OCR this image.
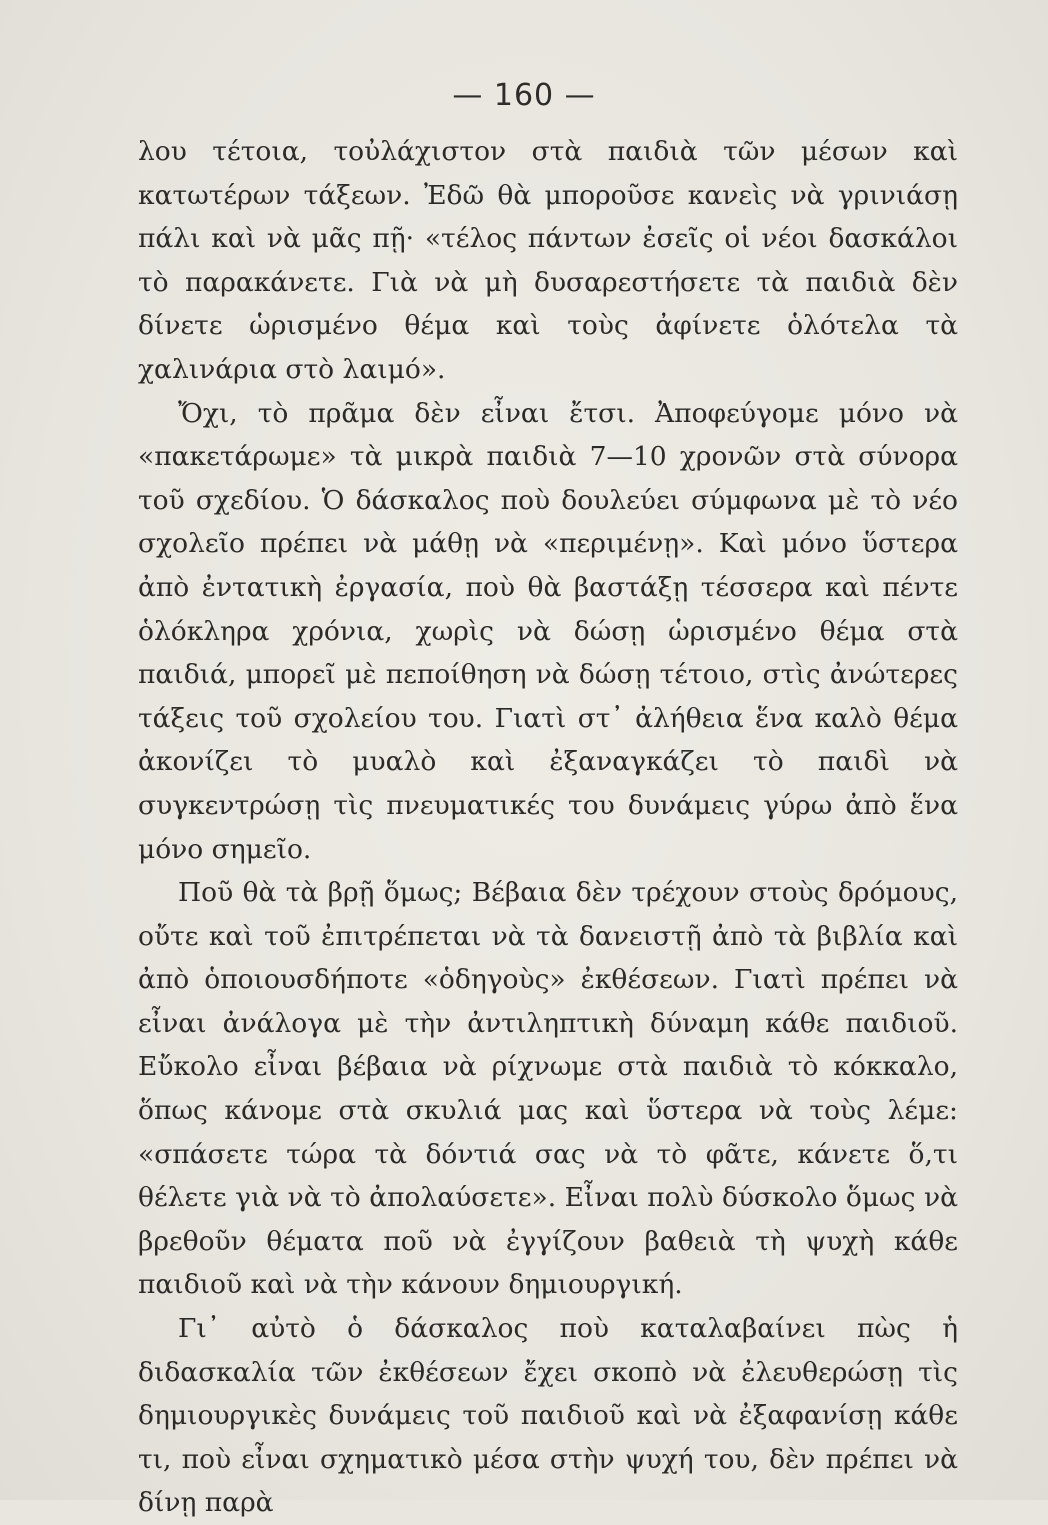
— 160 —

λου τέτοια, τοὐλάχιστον στὰ παιδιὰ τῶν μέσων καὶ κατωτέρων τάξεων. Ἐδῶ θὰ μποροῦσε κανεὶς νὰ γρινιάσῃ πάλι καὶ νὰ μᾶς πῇ· «τέλος πάντων ἐσεῖς οἱ νέοι δασκάλοι τὸ παρακάνετε. Γιὰ νὰ μὴ δυσαρεστήσετε τὰ παιδιὰ δὲν δίνετε ὡρισμένο θέμα καὶ τοὺς ἀφίνετε ὁλότελα τὰ χαλινάρια στὸ λαιμό».

Ὄχι, τὸ πρᾶμα δὲν εἶναι ἔτσι. Ἀποφεύγομε μόνο νὰ «πακετάρωμε» τὰ μικρὰ παιδιὰ 7—10 χρονῶν στὰ σύνορα τοῦ σχεδίου. Ὁ δάσκαλος ποὺ δουλεύει σύμφωνα μὲ τὸ νέο σχολεῖο πρέπει νὰ μάθῃ νὰ «περιμένῃ». Καὶ μόνο ὕστερα ἀπὸ ἐντατικὴ ἐργασία, ποὺ θὰ βαστάξῃ τέσσερα καὶ πέντε ὁλόκληρα χρόνια, χωρὶς νὰ δώσῃ ὡρισμένο θέμα στὰ παιδιά, μπορεῖ μὲ πεποίθηση νὰ δώσῃ τέτοιο, στὶς ἀνώτερες τάξεις τοῦ σχολείου του. Γιατὶ στ᾿ ἀλήθεια ἕνα καλὸ θέμα ἀκονίζει τὸ μυαλὸ καὶ ἐξαναγκάζει τὸ παιδὶ νὰ συγκεντρώσῃ τὶς πνευματικές του δυνάμεις γύρω ἀπὸ ἕνα μόνο σημεῖο.

Ποῦ θὰ τὰ βρῇ ὅμως; Βέβαια δὲν τρέχουν στοὺς δρόμους, οὔτε καὶ τοῦ ἐπιτρέπεται νὰ τὰ δανειστῇ ἀπὸ τὰ βιβλία καὶ ἀπὸ ὁποιουσδήποτε «ὁδηγοὺς» ἐκθέσεων. Γιατὶ πρέπει νὰ εἶναι ἀνάλογα μὲ τὴν ἀντιληπτικὴ δύναμη κάθε παιδιοῦ. Εὔκολο εἶναι βέβαια νὰ ρίχνωμε στὰ παιδιὰ τὸ κόκκαλο, ὅπως κάνομε στὰ σκυλιά μας καὶ ὕστερα νὰ τοὺς λέμε: «σπάσετε τώρα τὰ δόντιά σας νὰ τὸ φᾶτε, κάνετε ὅ,τι θέλετε γιὰ νὰ τὸ ἀπολαύσετε». Εἶναι πολὺ δύσκολο ὅμως νὰ βρεθοῦν θέματα ποῦ νὰ ἐγγίζουν βαθειὰ τὴ ψυχὴ κάθε παιδιοῦ καὶ νὰ τὴν κάνουν δημιουργική.

Γι᾿ αὐτὸ ὁ δάσκαλος ποὺ καταλαβαίνει πὼς ἡ διδασκαλία τῶν ἐκθέσεων ἔχει σκοπὸ νὰ ἐλευθερώσῃ τὶς δημιουργικὲς δυνάμεις τοῦ παιδιοῦ καὶ νὰ ἐξαφανίσῃ κάθε τι, ποὺ εἶναι σχηματικὸ μέσα στὴν ψυχή του, δὲν πρέπει νὰ δίνῃ παρὰ
